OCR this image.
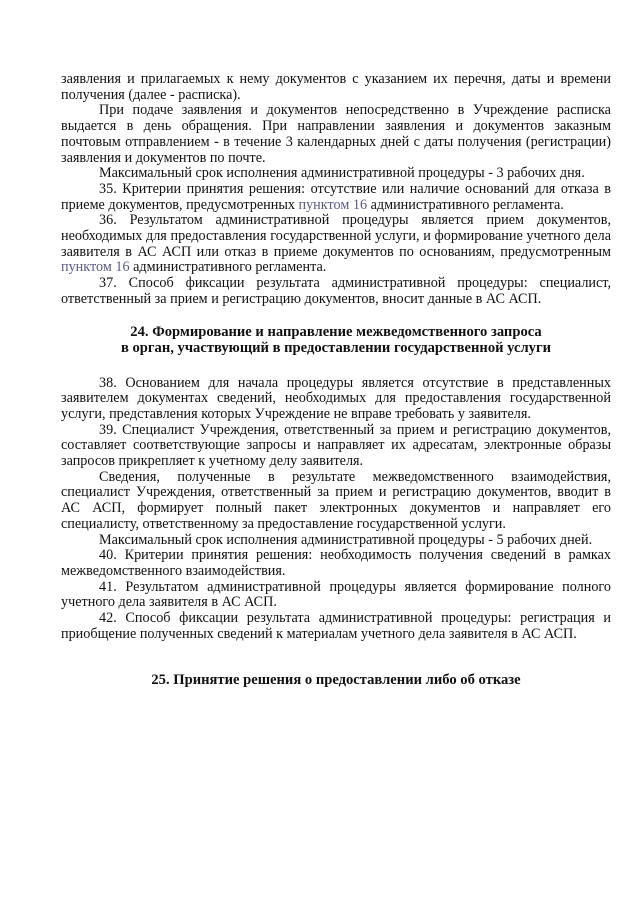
заявления и прилагаемых к нему документов с указанием их перечня, даты и времени получения (далее - расписка).

При подаче заявления и документов непосредственно в Учреждение расписка выдается в день обращения. При направлении заявления и документов заказным почтовым отправлением - в течение 3 календарных дней с даты получения (регистрации) заявления и документов по почте.

Максимальный срок исполнения административной процедуры - 3 рабочих дня.

35. Критерии принятия решения: отсутствие или наличие оснований для отказа в приеме документов, предусмотренных пунктом 16 административного регламента.

36. Результатом административной процедуры является прием документов, необходимых для предоставления государственной услуги, и формирование учетного дела заявителя в АС АСП или отказ в приеме документов по основаниям, предусмотренным пунктом 16 административного регламента.

37. Способ фиксации результата административной процедуры: специалист, ответственный за прием и регистрацию документов, вносит данные в АС АСП.

24. Формирование и направление межведомственного запроса
в орган, участвующий в предоставлении государственной услуги

38. Основанием для начала процедуры является отсутствие в представленных заявителем документах сведений, необходимых для предоставления государственной услуги, представления которых Учреждение не вправе требовать у заявителя.

39. Специалист Учреждения, ответственный за прием и регистрацию документов, составляет соответствующие запросы и направляет их адресатам, электронные образы запросов прикрепляет к учетному делу заявителя.

Сведения, полученные в результате межведомственного взаимодействия, специалист Учреждения, ответственный за прием и регистрацию документов, вводит в АС АСП, формирует полный пакет электронных документов и направляет его специалисту, ответственному за предоставление государственной услуги.

Максимальный срок исполнения административной процедуры - 5 рабочих дней.

40. Критерии принятия решения: необходимость получения сведений в рамках межведомственного взаимодействия.

41. Результатом административной процедуры является формирование полного учетного дела заявителя в АС АСП.

42. Способ фиксации результата административной процедуры: регистрация и приобщение полученных сведений к материалам учетного дела заявителя в АС АСП.

25. Принятие решения о предоставлении либо об отказе
